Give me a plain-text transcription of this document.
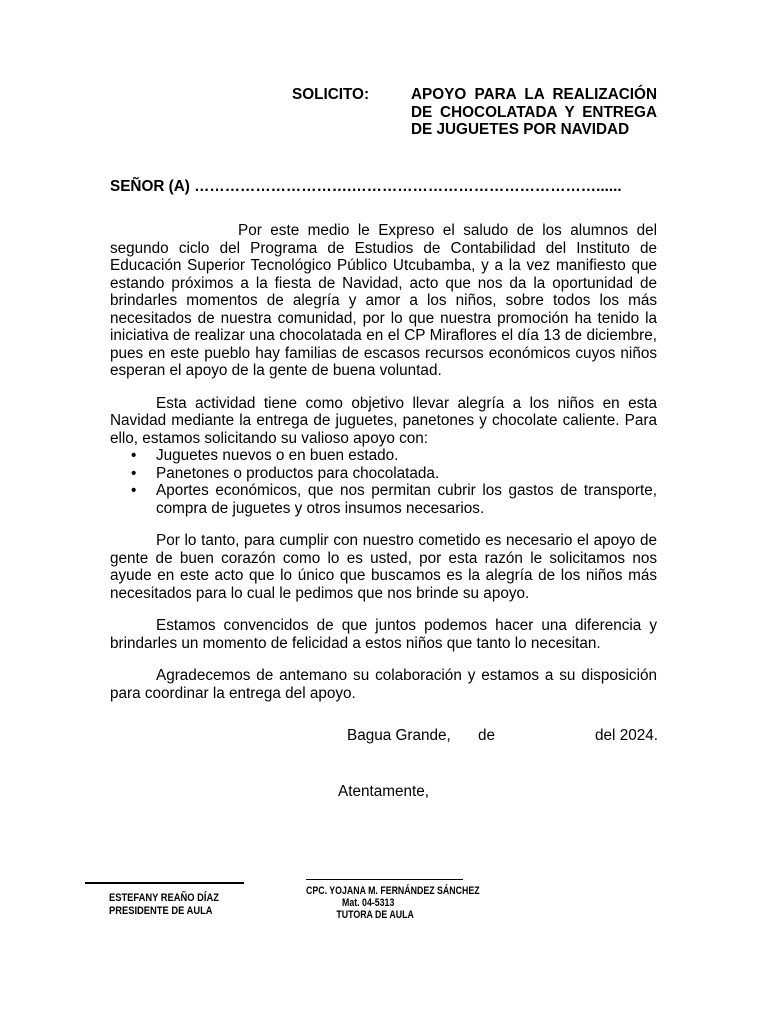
SOLICITO:	APOYO PARA LA REALIZACIÓN DE CHOCOLATADA Y ENTREGA DE JUGUETES POR NAVIDAD
SEÑOR (A) ………………………….…………………………………………......

Por este medio le Expreso el saludo de los alumnos del segundo ciclo del Programa de Estudios de Contabilidad del Instituto de Educación Superior Tecnológico Público Utcubamba, y a la vez manifiesto que estando próximos a la fiesta de Navidad, acto que nos da la oportunidad de brindarles momentos de alegría y amor a los niños, sobre todos los más necesitados de nuestra comunidad, por lo que nuestra promoción ha tenido la iniciativa de realizar una chocolatada en el CP Miraflores el día 13 de diciembre, pues en este pueblo hay familias de escasos recursos económicos cuyos niños esperan el apoyo de la gente de buena voluntad.

Esta actividad tiene como objetivo llevar alegría a los niños en esta Navidad mediante la entrega de juguetes, panetones y chocolate caliente. Para ello, estamos solicitando su valioso apoyo con:

• Juguetes nuevos o en buen estado.
• Panetones o productos para chocolatada.
• Aportes económicos, que nos permitan cubrir los gastos de transporte, compra de juguetes y otros insumos necesarios.

Por lo tanto, para cumplir con nuestro cometido es necesario el apoyo de gente de buen corazón como lo es usted, por esta razón le solicitamos nos ayude en este acto que lo único que buscamos es la alegría de los niños más necesitados para lo cual le pedimos que nos brinde su apoyo.

Estamos convencidos de que juntos podemos hacer una diferencia y brindarles un momento de felicidad a estos niños que tanto lo necesitan.

Agradecemos de antemano su colaboración y estamos a su disposición para coordinar la entrega del apoyo.

Bagua Grande, de	del 2024.
Atentamente,
ESTEFANY REAÑO DÍAZ
PRESIDENTE DE AULA
CPC. YOJANA M. FERNÁNDEZ SÁNCHEZ
Mat. 04-5313
TUTORA DE AULA
